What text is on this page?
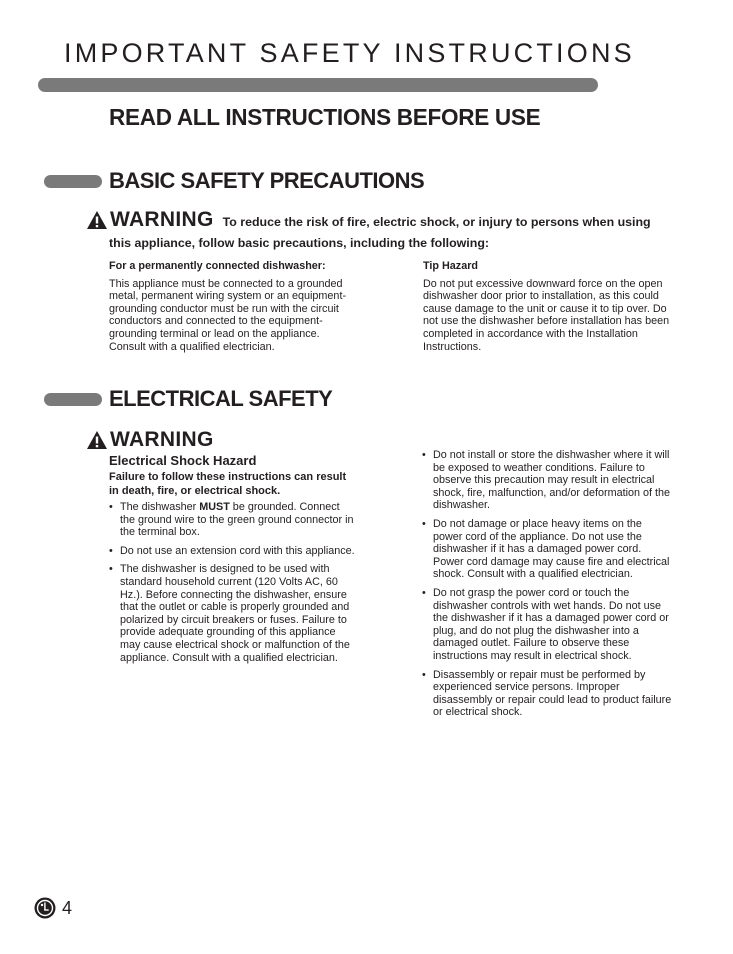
IMPORTANT SAFETY INSTRUCTIONS
READ ALL INSTRUCTIONS BEFORE USE
BASIC SAFETY PRECAUTIONS
WARNING To reduce the risk of fire, electric shock, or injury to persons when using
this appliance, follow basic precautions, including the following:
For a permanently connected dishwasher:

This appliance must be connected to a grounded
metal, permanent wiring system or an equipment-
grounding conductor must be run with the circuit
conductors and connected to the equipment-
grounding terminal or lead on the appliance.
Consult with a qualified electrician.

Tip Hazard

Do not put excessive downward force on the open
dishwasher door prior to installation, as this could
cause damage to the unit or cause it to tip over. Do
not use the dishwasher before installation has been
completed in accordance with the Installation
Instructions.

ELECTRICAL SAFETY
WARNING
Electrical Shock Hazard
Failure to follow these instructions can result
in death, fire, or electrical shock.
• The dishwasher MUST be grounded. Connect
the ground wire to the green ground connector in
the terminal box.
• Do not use an extension cord with this appliance.
• The dishwasher is designed to be used with
standard household current (120 Volts AC, 60
Hz.). Before connecting the dishwasher, ensure
that the outlet or cable is properly grounded and
polarized by circuit breakers or fuses. Failure to
provide adequate grounding of this appliance
may cause electrical shock or malfunction of the
appliance. Consult with a qualified electrician.
• Do not install or store the dishwasher where it will
be exposed to weather conditions. Failure to
observe this precaution may result in electrical
shock, fire, malfunction, and/or deformation of the
dishwasher.
• Do not damage or place heavy items on the
power cord of the appliance. Do not use the
dishwasher if it has a damaged power cord.
Power cord damage may cause fire and electrical
shock. Consult with a qualified electrician.
• Do not grasp the power cord or touch the
dishwasher controls with wet hands. Do not use
the dishwasher if it has a damaged power cord or
plug, and do not plug the dishwasher into a
damaged outlet. Failure to observe these
instructions may result in electrical shock.
• Disassembly or repair must be performed by
experienced service persons. Improper
disassembly or repair could lead to product failure
or electrical shock.
4
